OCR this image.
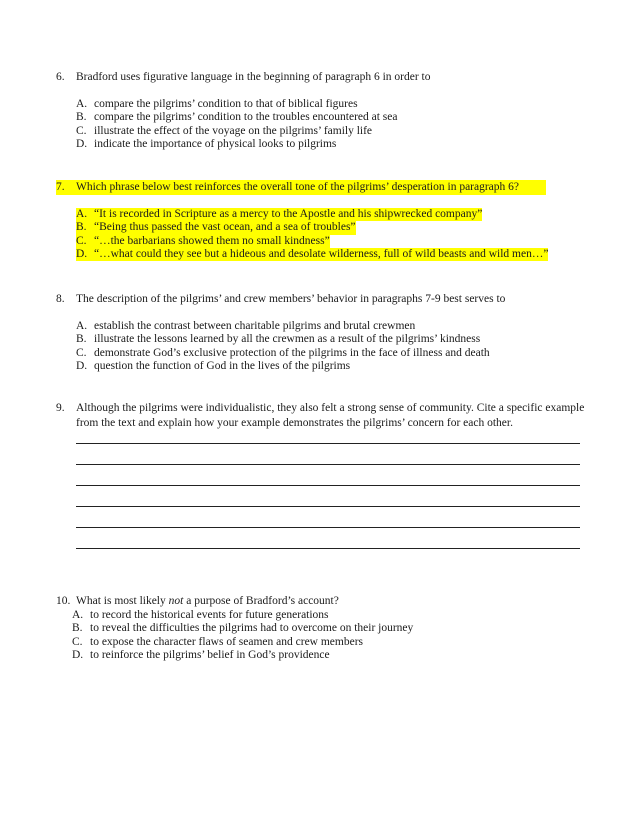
6. Bradford uses figurative language in the beginning of paragraph 6 in order to
A. compare the pilgrims’ condition to that of biblical figures
B. compare the pilgrims’ condition to the troubles encountered at sea
C. illustrate the effect of the voyage on the pilgrims’ family life
D. indicate the importance of physical looks to pilgrims
7. Which phrase below best reinforces the overall tone of the pilgrims’ desperation in paragraph 6?
A. “It is recorded in Scripture as a mercy to the Apostle and his shipwrecked company”
B. “Being thus passed the vast ocean, and a sea of troubles”
C. “…the barbarians showed them no small kindness”
D. “…what could they see but a hideous and desolate wilderness, full of wild beasts and wild men…”
8. The description of the pilgrims’ and crew members’ behavior in paragraphs 7-9 best serves to
A. establish the contrast between charitable pilgrims and brutal crewmen
B. illustrate the lessons learned by all the crewmen as a result of the pilgrims’ kindness
C. demonstrate God’s exclusive protection of the pilgrims in the face of illness and death
D. question the function of God in the lives of the pilgrims
9. Although the pilgrims were individualistic, they also felt a strong sense of community. Cite a specific example from the text and explain how your example demonstrates the pilgrims’ concern for each other.
10. What is most likely not a purpose of Bradford’s account?
A. to record the historical events for future generations
B. to reveal the difficulties the pilgrims had to overcome on their journey
C. to expose the character flaws of seamen and crew members
D. to reinforce the pilgrims’ belief in God’s providence
